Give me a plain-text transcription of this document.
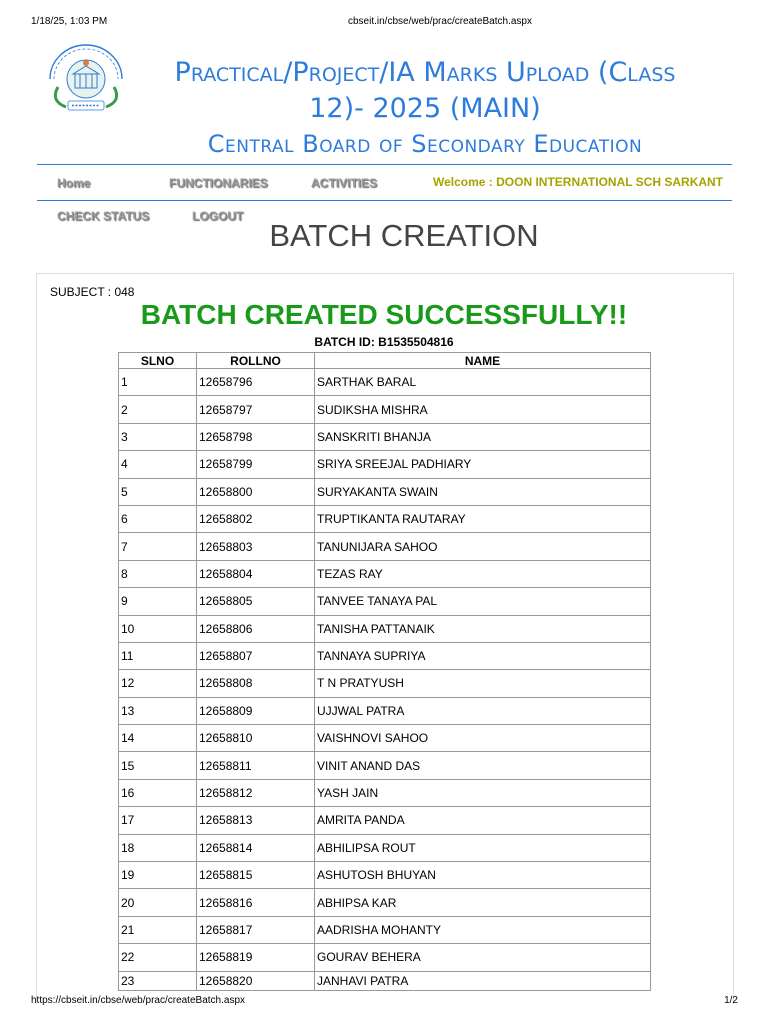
1/18/25, 1:03 PM	cbseit.in/cbse/web/prac/createBatch.aspx
Practical/Project/IA Marks Upload (Class
12)- 2025 (MAIN)
Central Board of Secondary Education
Home	FUNCTIONARIES	ACTIVITIES	Welcome : DOON INTERNATIONAL SCH SARKANT
CHECK STATUS	LOGOUT
BATCH CREATION
SUBJECT : 048
BATCH CREATED SUCCESSFULLY!!
BATCH ID: B1535504816
SLNO	ROLLNO	NAME
1	12658796	SARTHAK BARAL
2	12658797	SUDIKSHA MISHRA
3	12658798	SANSKRITI BHANJA
4	12658799	SRIYA SREEJAL PADHIARY
5	12658800	SURYAKANTA SWAIN
6	12658802	TRUPTIKANTA RAUTARAY
7	12658803	TANUNIJARA SAHOO
8	12658804	TEZAS RAY
9	12658805	TANVEE TANAYA PAL
10	12658806	TANISHA PATTANAIK
11	12658807	TANNAYA SUPRIYA
12	12658808	T N PRATYUSH
13	12658809	UJJWAL PATRA
14	12658810	VAISHNOVI SAHOO
15	12658811	VINIT ANAND DAS
16	12658812	YASH JAIN
17	12658813	AMRITA PANDA
18	12658814	ABHILIPSA ROUT
19	12658815	ASHUTOSH BHUYAN
20	12658816	ABHIPSA KAR
21	12658817	AADRISHA MOHANTY
22	12658819	GOURAV BEHERA
23	12658820	JANHAVI PATRA
https://cbseit.in/cbse/web/prac/createBatch.aspx	1/2
